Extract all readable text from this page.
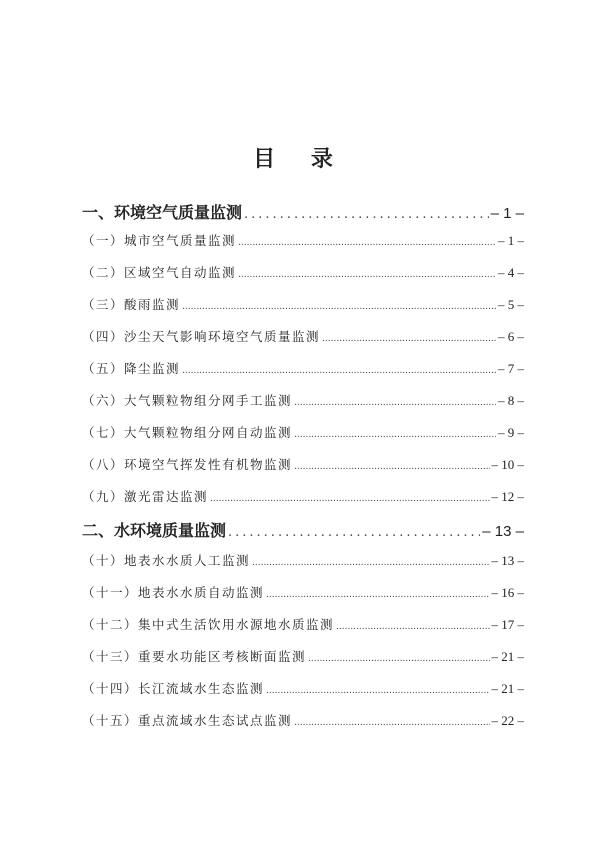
目 录
一、环境空气质量监测 .....	– 1 –
（一）城市空气质量监测 .....	– 1 –
（二）区域空气自动监测 .....	– 4 –
（三）酸雨监测 .....	– 5 –
（四）沙尘天气影响环境空气质量监测 .....	– 6 –
（五）降尘监测 .....	– 7 –
（六）大气颗粒物组分网手工监测 .....	– 8 –
（七）大气颗粒物组分网自动监测 .....	– 9 –
（八）环境空气挥发性有机物监测 .....	– 10 –
（九）激光雷达监测 .....	– 12 –
二、水环境质量监测 .....	– 13 –
（十）地表水水质人工监测 .....	– 13 –
（十一）地表水水质自动监测 .....	– 16 –
（十二）集中式生活饮用水源地水质监测 .....	– 17 –
（十三）重要水功能区考核断面监测 .....	– 21 –
（十四）长江流域水生态监测 .....	– 21 –
（十五）重点流域水生态试点监测 .....	– 22 –
